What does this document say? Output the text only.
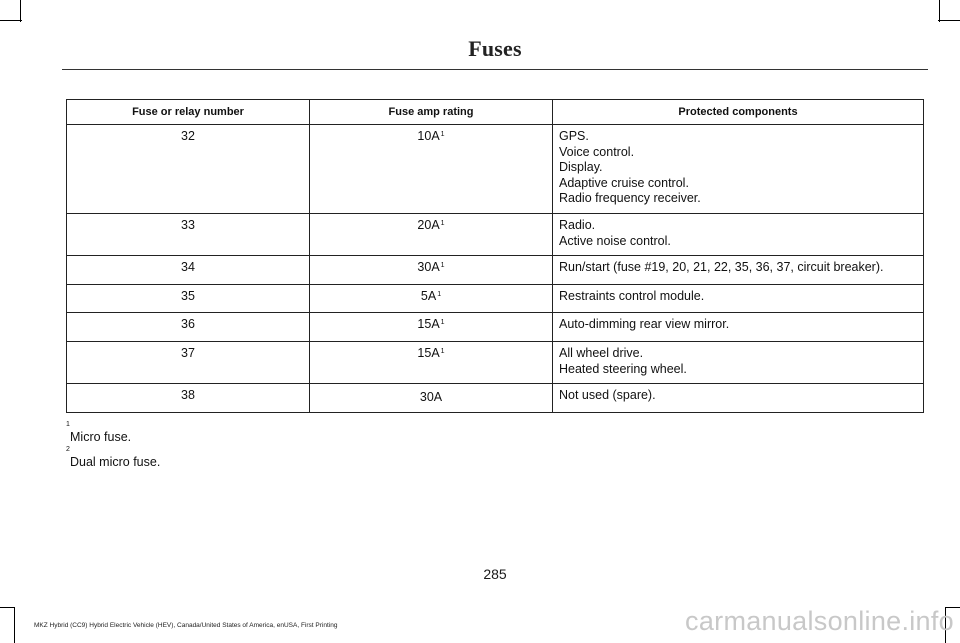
Fuses
Fuse or relay number	Fuse amp rating	Protected components
32	10A$^1$	GPS.
Voice control.
Display.
Adaptive cruise control.
Radio frequency receiver.

33	20A$^1$	Radio.
Active noise control.

34	30A$^1$	Run/start (fuse #19, 20, 21, 22, 35, 36, 37, circuit breaker).

35	5A$^1$	Restraints control module.

36	15A$^1$	Auto-dimming rear view mirror.

37	15A$^1$	All wheel drive.
Heated steering wheel.

38	30A	Not used (spare).
1
Micro fuse.
2
Dual micro fuse.
285
MKZ Hybrid (CC9) Hybrid Electric Vehicle (HEV), Canada/United States of America, enUSA, First Printing	carmanualsonline.info
